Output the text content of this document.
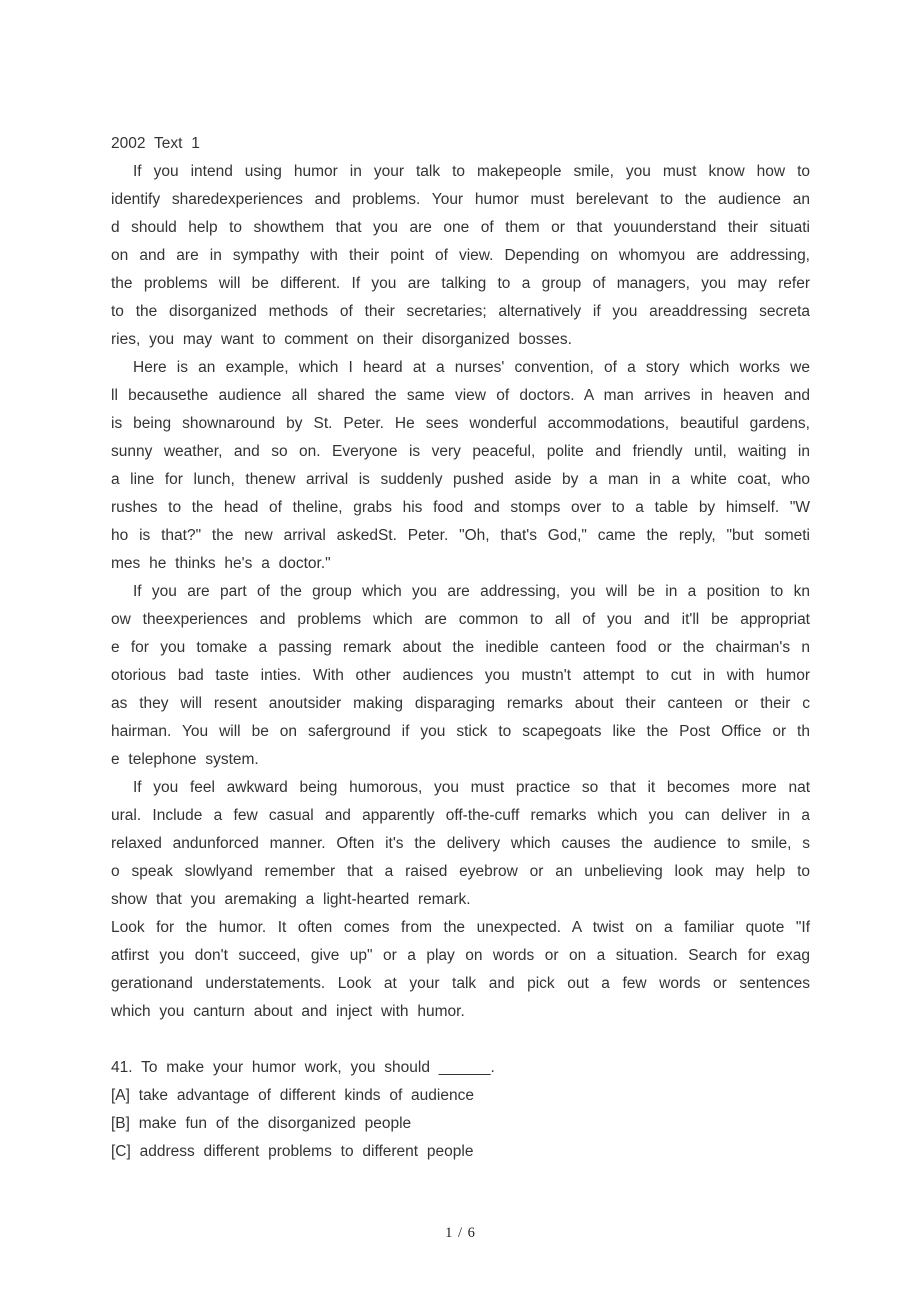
2002 Text 1
If you intend using humor in your talk to makepeople smile, you must know how to
identify sharedexperiences and problems. Your humor must berelevant to the audience an
d should help to showthem that you are one of them or that youunderstand their situati
on and are in sympathy with their point of view. Depending on whomyou are addressing,
the problems will be different. If you are talking to a group of managers, you may refer
to the disorganized methods of their secretaries; alternatively if you areaddressing secreta
ries, you may want to comment on their disorganized bosses.
Here is an example, which I heard at a nurses' convention, of a story which works we
ll becausethe audience all shared the same view of doctors. A man arrives in heaven and
is being shownaround by St. Peter. He sees wonderful accommodations, beautiful gardens,
sunny weather, and so on. Everyone is very peaceful, polite and friendly until, waiting in
a line for lunch, thenew arrival is suddenly pushed aside by a man in a white coat, who
rushes to the head of theline, grabs his food and stomps over to a table by himself. "W
ho is that?" the new arrival askedSt. Peter. "Oh, that's God," came the reply, "but someti
mes he thinks he's a doctor."
If you are part of the group which you are addressing, you will be in a position to kn
ow theexperiences and problems which are common to all of you and it'll be appropriat
e for you tomake a passing remark about the inedible canteen food or the chairman's n
otorious bad taste inties. With other audiences you mustn't attempt to cut in with humor
as they will resent anoutsider making disparaging remarks about their canteen or their c
hairman. You will be on saferground if you stick to scapegoats like the Post Office or th
e telephone system.
If you feel awkward being humorous, you must practice so that it becomes more nat
ural. Include a few casual and apparently off-the-cuff remarks which you can deliver in a
relaxed andunforced manner. Often it's the delivery which causes the audience to smile, s
o speak slowlyand remember that a raised eyebrow or an unbelieving look may help to
show that you aremaking a light-hearted remark.
Look for the humor. It often comes from the unexpected. A twist on a familiar quote "If
atfirst you don't succeed, give up" or a play on words or on a situation. Search for exag
gerationand understatements. Look at your talk and pick out a few words or sentences
which you canturn about and inject with humor.
41. To make your humor work, you should ______.
[A] take advantage of different kinds of audience
[B] make fun of the disorganized people
[C] address different problems to different people
1 / 6
